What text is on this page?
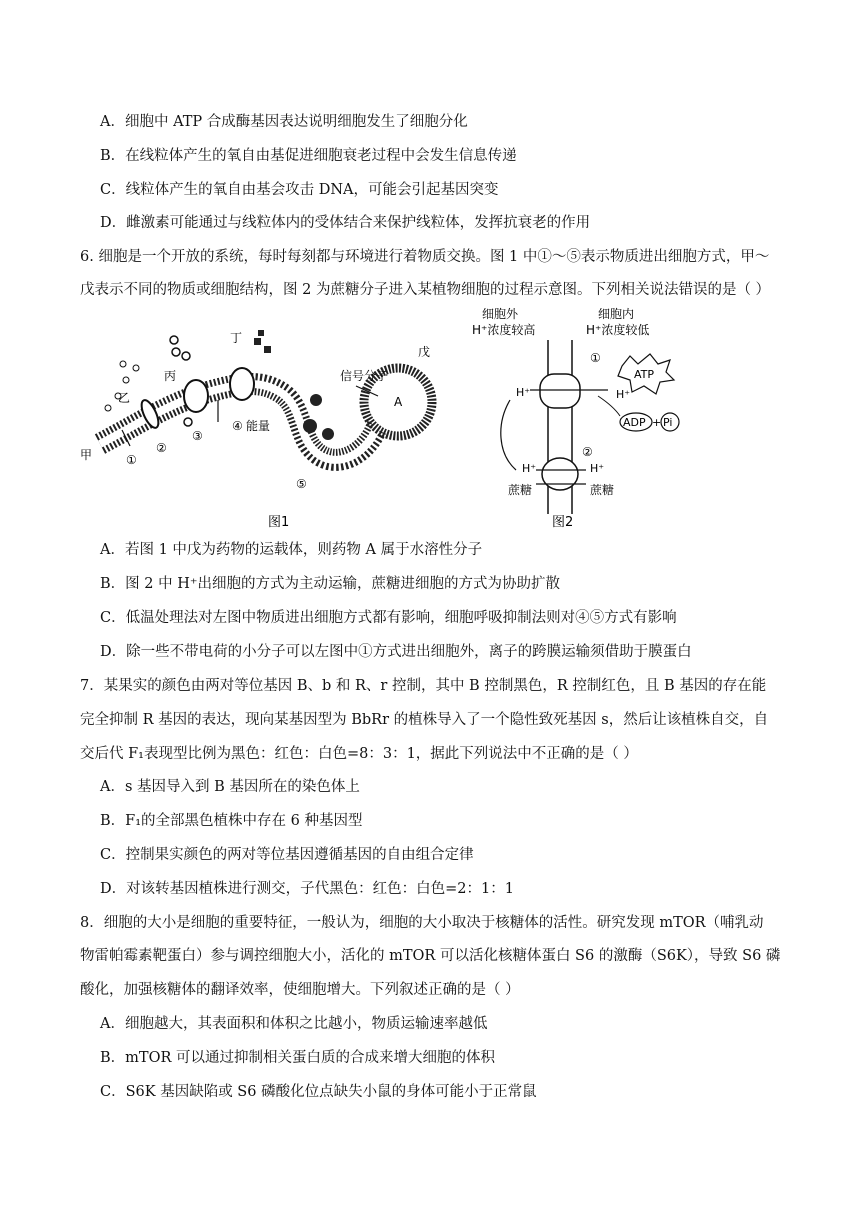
A．细胞中 ATP 合成酶基因表达说明细胞发生了细胞分化
B．在线粒体产生的氧自由基促进细胞衰老过程中会发生信息传递
C．线粒体产生的氧自由基会攻击 DNA，可能会引起基因突变
D．雌激素可能通过与线粒体内的受体结合来保护线粒体，发挥抗衰老的作用
6. 细胞是一个开放的系统，每时每刻都与环境进行着物质交换。图 1 中①～⑤表示物质进出细胞方式，甲～
戊表示不同的物质或细胞结构，图 2 为蔗糖分子进入某植物细胞的过程示意图。下列相关说法错误的是（ ）
甲
乙
丙
丁
戊
①
②
③
④ 能量
⑤
信号分子
A
图1
细胞外
H⁺浓度较高
细胞内
H⁺浓度较低
①
ATP
H⁺	H⁺
ADP + Pi
②
H⁺	H⁺
蔗糖	蔗糖
图2
A．若图 1 中戊为药物的运载体，则药物 A 属于水溶性分子
B．图 2 中 H⁺出细胞的方式为主动运输，蔗糖进细胞的方式为协助扩散
C．低温处理法对左图中物质进出细胞方式都有影响，细胞呼吸抑制法则对④⑤方式有影响
D．除一些不带电荷的小分子可以左图中①方式进出细胞外，离子的跨膜运输须借助于膜蛋白
7．某果实的颜色由两对等位基因 B、b 和 R、r 控制，其中 B 控制黑色，R 控制红色，且 B 基因的存在能
完全抑制 R 基因的表达，现向某基因型为 BbRr 的植株导入了一个隐性致死基因 s，然后让该植株自交，自
交后代 F₁表现型比例为黑色：红色：白色=8：3：1，据此下列说法中不正确的是（ ）
A．s 基因导入到 B 基因所在的染色体上
B．F₁的全部黑色植株中存在 6 种基因型
C．控制果实颜色的两对等位基因遵循基因的自由组合定律
D．对该转基因植株进行测交，子代黑色：红色：白色=2：1：1
8．细胞的大小是细胞的重要特征，一般认为，细胞的大小取决于核糖体的活性。研究发现 mTOR（哺乳动
物雷帕霉素靶蛋白）参与调控细胞大小，活化的 mTOR 可以活化核糖体蛋白 S6 的激酶（S6K），导致 S6 磷
酸化，加强核糖体的翻译效率，使细胞增大。下列叙述正确的是（ ）
A．细胞越大，其表面积和体积之比越小，物质运输速率越低
B．mTOR 可以通过抑制相关蛋白质的合成来增大细胞的体积
C．S6K 基因缺陷或 S6 磷酸化位点缺失小鼠的身体可能小于正常鼠
